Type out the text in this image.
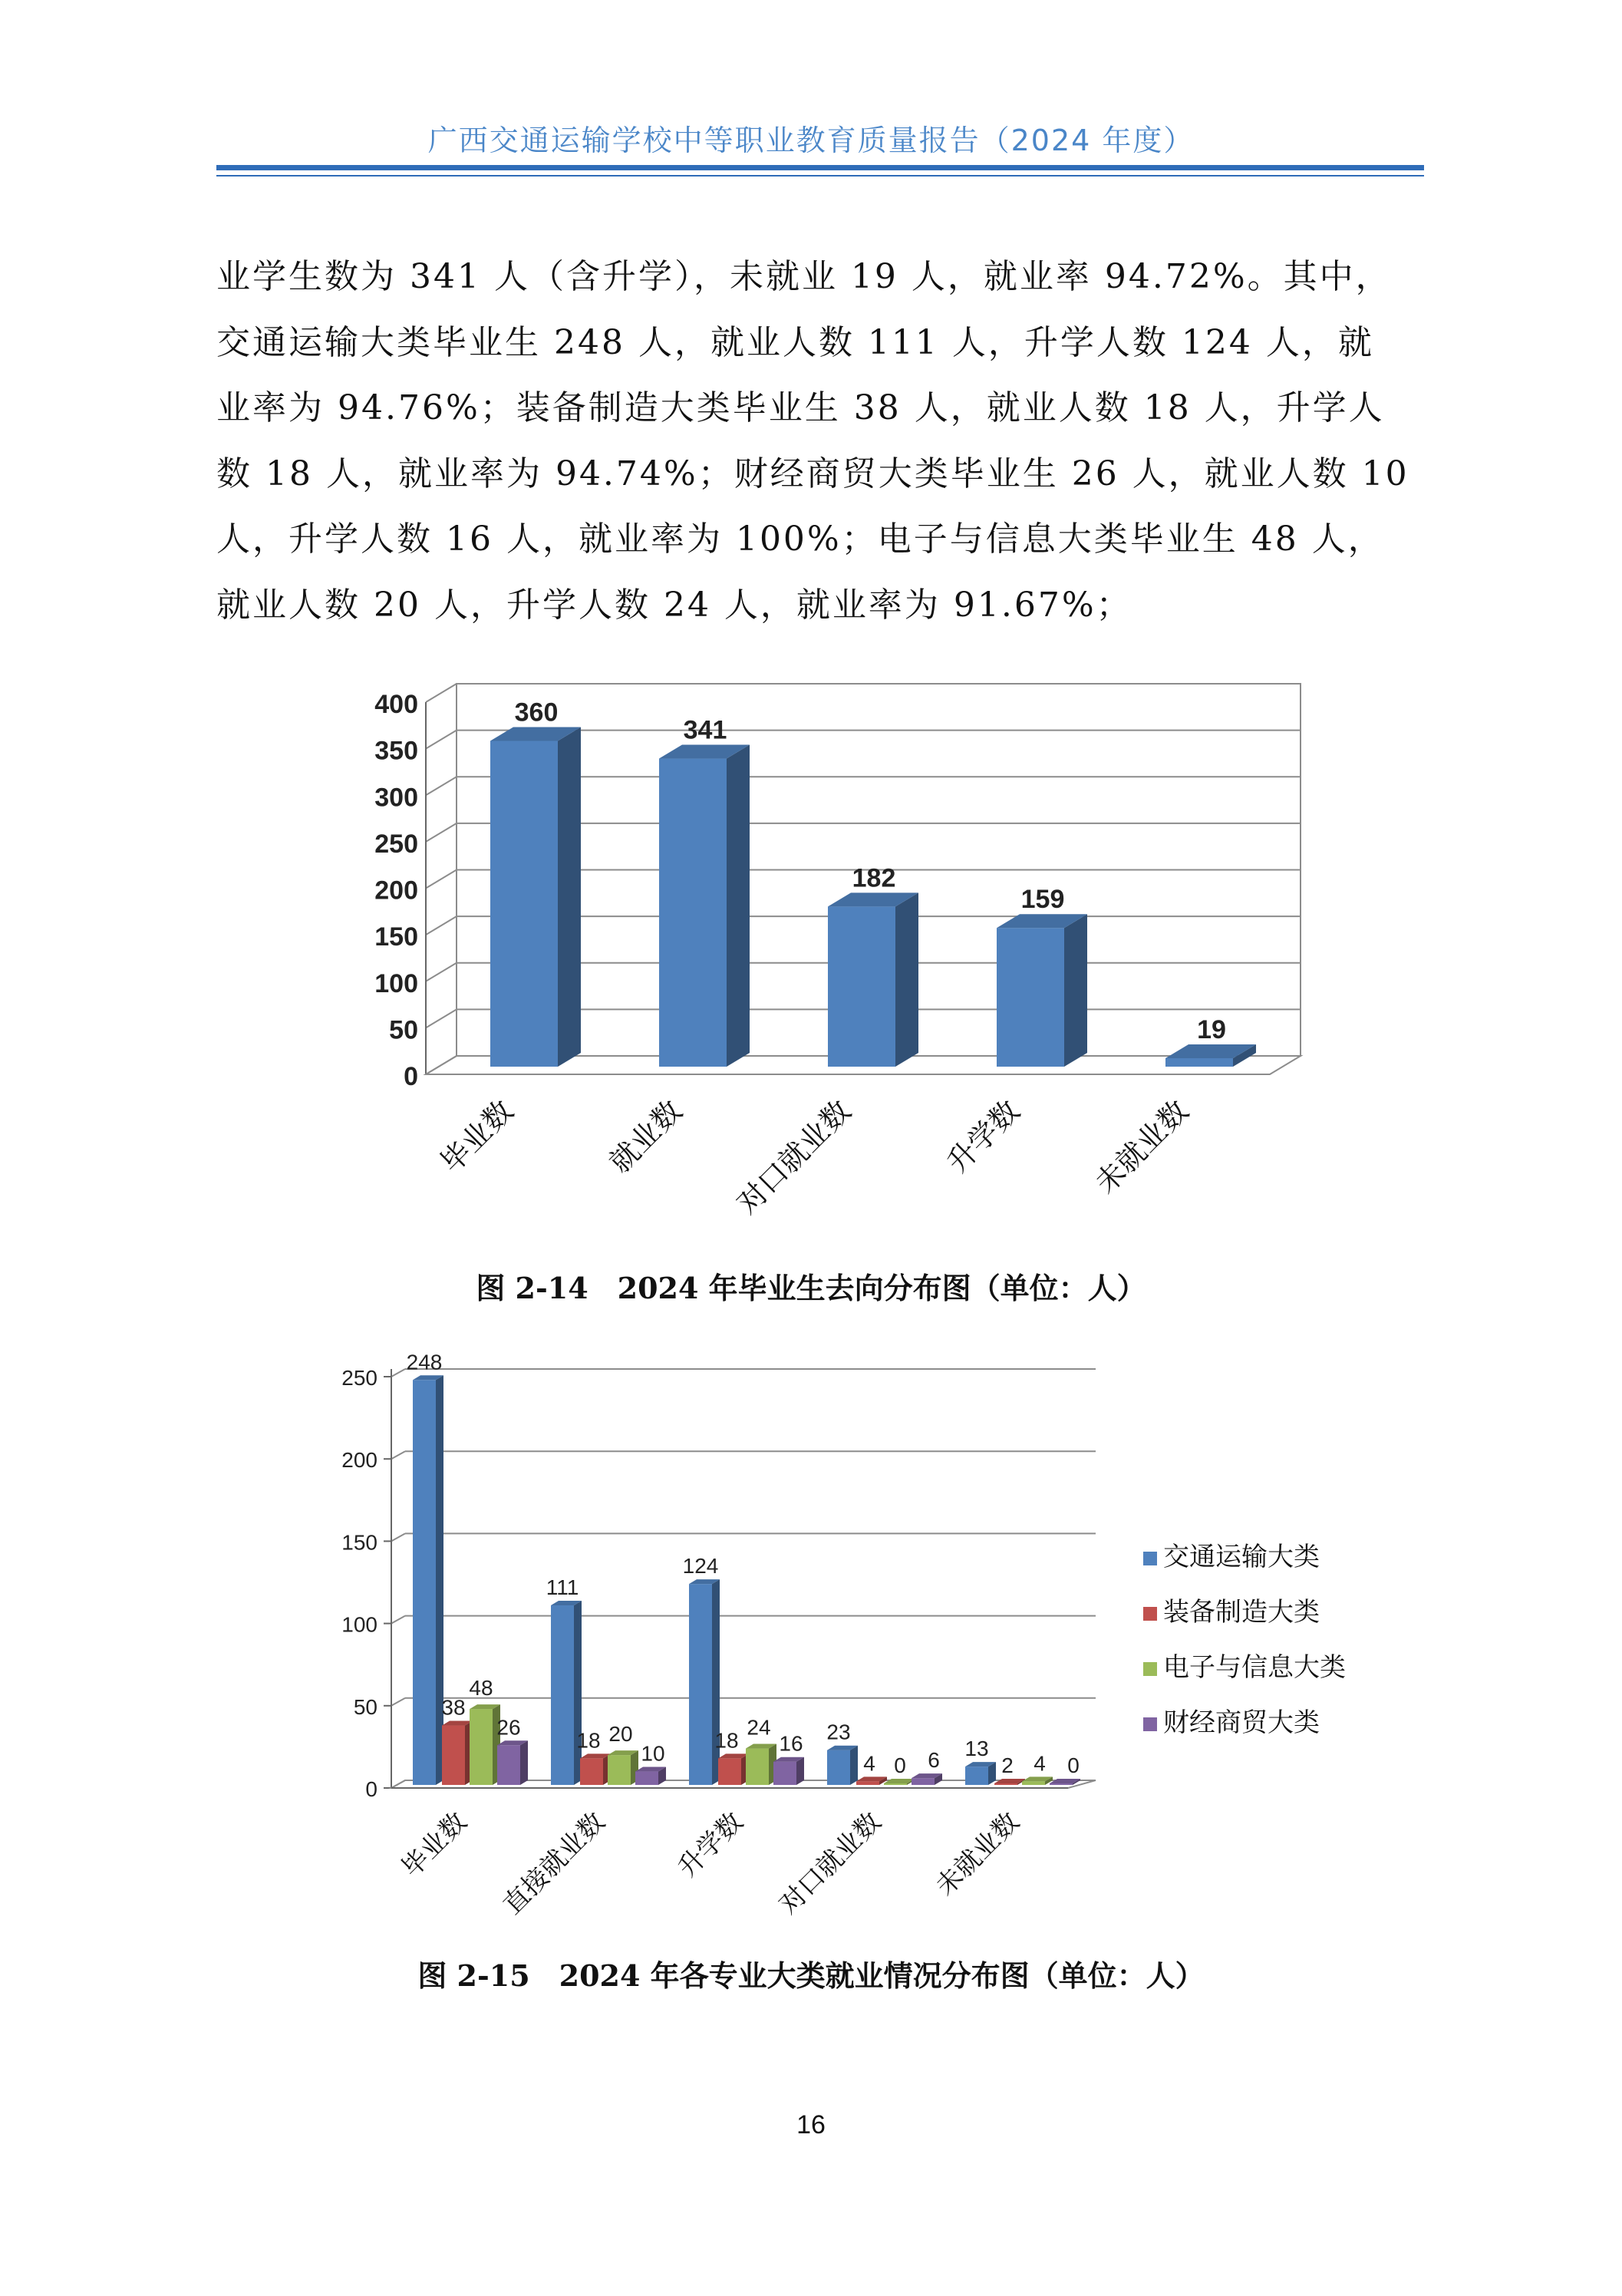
广西交通运输学校中等职业教育质量报告（2024 年度）

业学生数为 341 人（含升学），未就业 19 人，就业率 94.72%。其中，

交通运输大类毕业生 248 人，就业人数 111 人，升学人数 124 人，就

业率为 94.76%；装备制造大类毕业生 38 人，就业人数 18 人，升学人

数 18 人，就业率为 94.74%；财经商贸大类毕业生 26 人，就业人数 10

人，升学人数 16 人，就业率为 100%；电子与信息大类毕业生 48 人，

就业人数 20 人，升学人数 24 人，就业率为 91.67%；

0
50
100
150
200
250
300
350
400	360
毕业数
341
就业数
182
对口就业数
159
升学数
19
未就业数
图 2-14　2024 年毕业生去向分布图（单位：人）
0
50
100
150
200
250
248
38
48
26
毕业数
111
18 20
10
直接就业数
124
18
24
16
升学数
23
4 0 6
对口就业数
13
2 4 0
未就业数
交通运输大类
装备制造大类
电子与信息大类
财经商贸大类
图 2-15　2024 年各专业大类就业情况分布图（单位：人）
16
